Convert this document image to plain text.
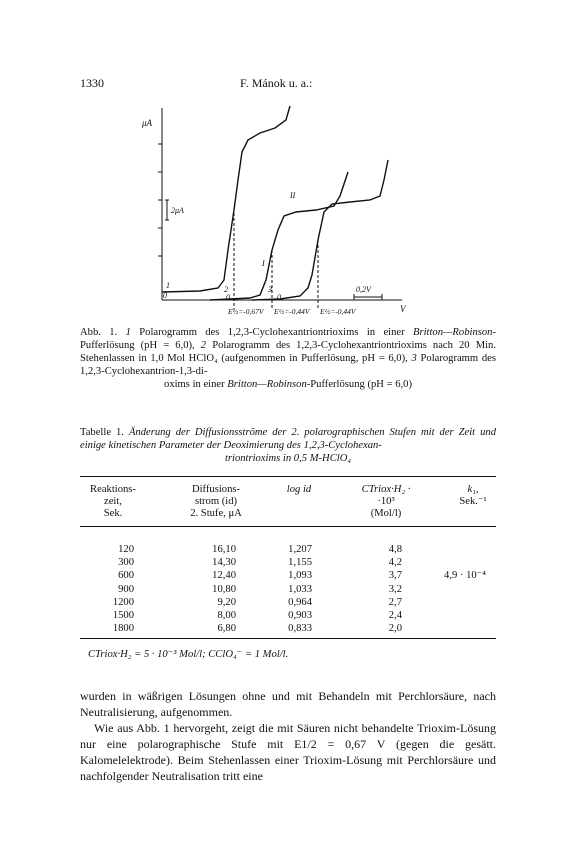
1330	F. Mánok u. a.:
μA
2μA
0,2V
V
1	2	3
I
II
0	0	0
E½=-0,67V E½=-0,44V E½=-0,44V
Abb. 1. 1 Polarogramm des 1,2,3-Cyclohexantriontrioxims in einer Britton—Robinson-Pufferlösung (pH = 6,0), 2 Polarogramm des 1,2,3-Cyclohexantriontrioxims nach 20 Min. Stehenlassen in 1,0 Mol HClO₄ (aufgenommen in Pufferlösung, pH = 6,0), 3 Polarogramm des 1,2,3-Cyclohexantrion-1,3-di-
oxims in einer Britton—Robinson-Pufferlösung (pH = 6,0)
Tabelle 1. Änderung der Diffusionsströme der 2. polarographischen Stufen mit der Zeit und einige kinetischen Parameter der Deoximierung des 1,2,3-Cyclohexan-
triontrioxims in 0,5 M-HClO₄
Reaktions-
zeit,
Sek.
Diffusions-
strom (id)
2. Stufe, μA
log id	CTriox·H₂ ·
·10³
(Mol/l)
k₁,
Sek.⁻¹
120	16,10	1,207	4,8
300	14,30	1,155	4,2
600	12,40	1,093	3,7
900	10,80	1,033	3,2
1200	9,20	0,964	2,7
1500	8,00	0,903	2,4
1800	6,80	0,833	2,0
4,9 · 10⁻⁴
CTriox·H₂ = 5 · 10⁻³ Mol/l; CClO₄⁻ = 1 Mol/l.

wurden in wäßrigen Lösungen ohne und mit Behandeln mit Perchlorsäure, nach Neutralisierung, aufgenommen.

Wie aus Abb. 1 hervorgeht, zeigt die mit Säuren nicht behandelte Trioxim-Lösung nur eine polarographische Stufe mit E1/2 = 0,67 V (gegen die gesätt. Kalomelelektrode). Beim Stehenlassen einer Trioxim-Lösung mit Perchlorsäure und nachfolgender Neutralisation tritt eine
